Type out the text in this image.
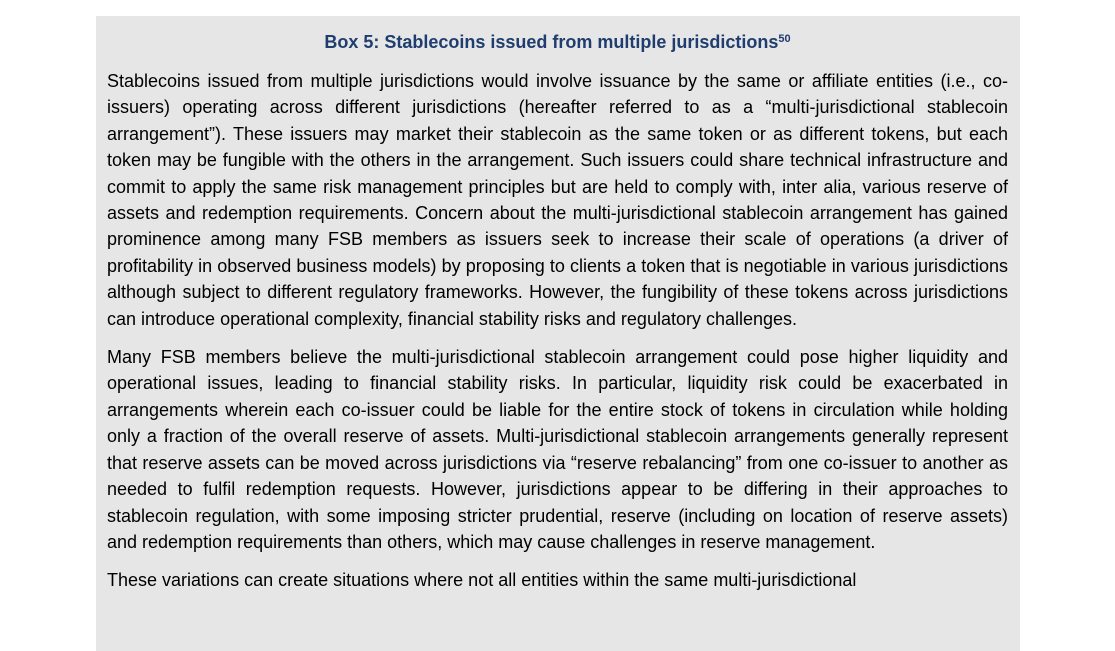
Box 5: Stablecoins issued from multiple jurisdictions$^{50}$

Stablecoins issued from multiple jurisdictions would involve issuance by the same or affiliate entities (i.e., co-issuers) operating across different jurisdictions (hereafter referred to as a “multi-jurisdictional stablecoin arrangement”). These issuers may market their stablecoin as the same token or as different tokens, but each token may be fungible with the others in the arrangement. Such issuers could share technical infrastructure and commit to apply the same risk management principles but are held to comply with, inter alia, various reserve of assets and redemption requirements. Concern about the multi-jurisdictional stablecoin arrangement has gained prominence among many FSB members as issuers seek to increase their scale of operations (a driver of profitability in observed business models) by proposing to clients a token that is negotiable in various jurisdictions although subject to different regulatory frameworks. However, the fungibility of these tokens across jurisdictions can introduce operational complexity, financial stability risks and regulatory challenges.

Many FSB members believe the multi-jurisdictional stablecoin arrangement could pose higher liquidity and operational issues, leading to financial stability risks. In particular, liquidity risk could be exacerbated in arrangements wherein each co-issuer could be liable for the entire stock of tokens in circulation while holding only a fraction of the overall reserve of assets. Multi-jurisdictional stablecoin arrangements generally represent that reserve assets can be moved across jurisdictions via “reserve rebalancing” from one co-issuer to another as needed to fulfil redemption requests. However, jurisdictions appear to be differing in their approaches to stablecoin regulation, with some imposing stricter prudential, reserve (including on location of reserve assets) and redemption requirements than others, which may cause challenges in reserve management.

These variations can create situations where not all entities within the same multi-jurisdictional
